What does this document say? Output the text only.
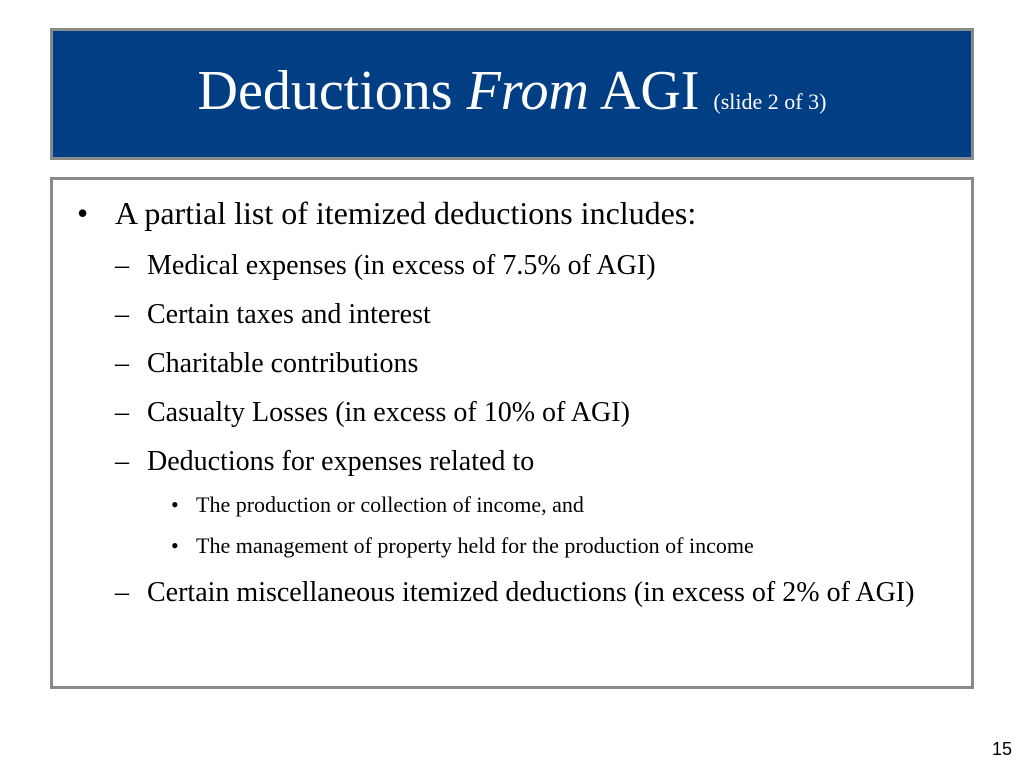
Deductions From AGI (slide 2 of 3)
• A partial list of itemized deductions includes:
– Medical expenses (in excess of 7.5% of AGI)
– Certain taxes and interest
– Charitable contributions
– Casualty Losses (in excess of 10% of AGI)
– Deductions for expenses related to
• The production or collection of income, and
• The management of property held for the production of income
– Certain miscellaneous itemized deductions (in excess of 2% of AGI)
15
